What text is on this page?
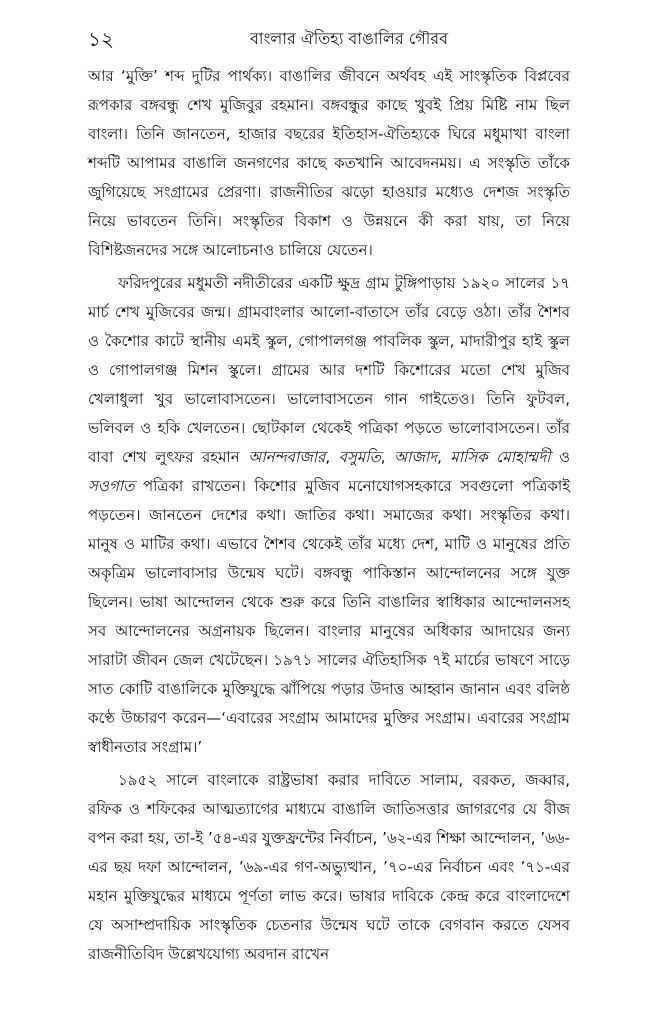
১২	বাংলার ঐতিহ্য বাঙালির গৌরব

আর ‘মুক্তি’ শব্দ দুটির পার্থক্য। বাঙালির জীবনে অর্থবহ এই সাংস্কৃতিক বিপ্লবের রূপকার বঙ্গবন্ধু শেখ মুজিবুর রহমান। বঙ্গবন্ধুর কাছে খুবই প্রিয় মিষ্টি নাম ছিল বাংলা। তিনি জানতেন, হাজার বছরের ইতিহাস-ঐতিহ্যকে ঘিরে মধুমাখা বাংলা শব্দটি আপামর বাঙালি জনগণের কাছে কতখানি আবেদনময়। এ সংস্কৃতি তাঁকে জুগিয়েছে সংগ্রামের প্রেরণা। রাজনীতির ঝড়ো হাওয়ার মধ্যেও দেশজ সংস্কৃতি নিয়ে ভাবতেন তিনি। সংস্কৃতির বিকাশ ও উন্নয়নে কী করা যায়, তা নিয়ে বিশিষ্টজনদের সঙ্গে আলোচনাও চালিয়ে যেতেন।

ফরিদপুরের মধুমতী নদীতীরের একটি ক্ষুদ্র গ্রাম টুঙ্গিপাড়ায় ১৯২০ সালের ১৭ মার্চ শেখ মুজিবের জন্ম। গ্রামবাংলার আলো-বাতাসে তাঁর বেড়ে ওঠা। তাঁর শৈশব ও কৈশোর কাটে স্থানীয় এমই স্কুল, গোপালগঞ্জ পাবলিক স্কুল, মাদারীপুর হাই স্কুল ও গোপালগঞ্জ মিশন স্কুলে। গ্রামের আর দশটি কিশোরের মতো শেখ মুজিব খেলাধুলা খুব ভালোবাসতেন। ভালোবাসতেন গান গাইতেও। তিনি ফুটবল, ভলিবল ও হকি খেলতেন। ছোটকাল থেকেই পত্রিকা পড়তে ভালোবাসতেন। তাঁর বাবা শেখ লুৎফর রহমান আনন্দবাজার, বসুমতি, আজাদ, মাসিক মোহাম্মদী ও সওগাত পত্রিকা রাখতেন। কিশোর মুজিব মনোযোগসহকারে সবগুলো পত্রিকাই পড়তেন। জানতেন দেশের কথা। জাতির কথা। সমাজের কথা। সংস্কৃতির কথা। মানুষ ও মাটির কথা। এভাবে শৈশব থেকেই তাঁর মধ্যে দেশ, মাটি ও মানুষের প্রতি অকৃত্রিম ভালোবাসার উন্মেষ ঘটে। বঙ্গবন্ধু পাকিস্তান আন্দোলনের সঙ্গে যুক্ত ছিলেন। ভাষা আন্দোলন থেকে শুরু করে তিনি বাঙালির স্বাধিকার আন্দোলনসহ সব আন্দোলনের অগ্রনায়ক ছিলেন। বাংলার মানুষের অধিকার আদায়ের জন্য সারাটা জীবন জেল খেটেছেন। ১৯৭১ সালের ঐতিহাসিক ৭ই মার্চের ভাষণে সাড়ে সাত কোটি বাঙালিকে মুক্তিযুদ্ধে ঝাঁপিয়ে পড়ার উদাত্ত আহ্বান জানান এবং বলিষ্ঠ কণ্ঠে উচ্চারণ করেন—‘এবারের সংগ্রাম আমাদের মুক্তির সংগ্রাম। এবারের সংগ্রাম স্বাধীনতার সংগ্রাম।’

১৯৫২ সালে বাংলাকে রাষ্ট্রভাষা করার দাবিতে সালাম, বরকত, জব্বার, রফিক ও শফিকের আত্মত্যাগের মাধ্যমে বাঙালি জাতিসত্তার জাগরণের যে বীজ বপন করা হয়, তা-ই ’৫৪-এর যুক্তফ্রন্টের নির্বাচন, ’৬২-এর শিক্ষা আন্দোলন, ’৬৬-এর ছয় দফা আন্দোলন, ’৬৯-এর গণ-অভ্যুত্থান, ’৭০-এর নির্বাচন এবং ’৭১-এর মহান মুক্তিযুদ্ধের মাধ্যমে পূর্ণতা লাভ করে। ভাষার দাবিকে কেন্দ্র করে বাংলাদেশে যে অসাম্প্রদায়িক সাংস্কৃতিক চেতনার উন্মেষ ঘটে তাকে বেগবান করতে যেসব রাজনীতিবিদ উল্লেখযোগ্য অবদান রাখেন
